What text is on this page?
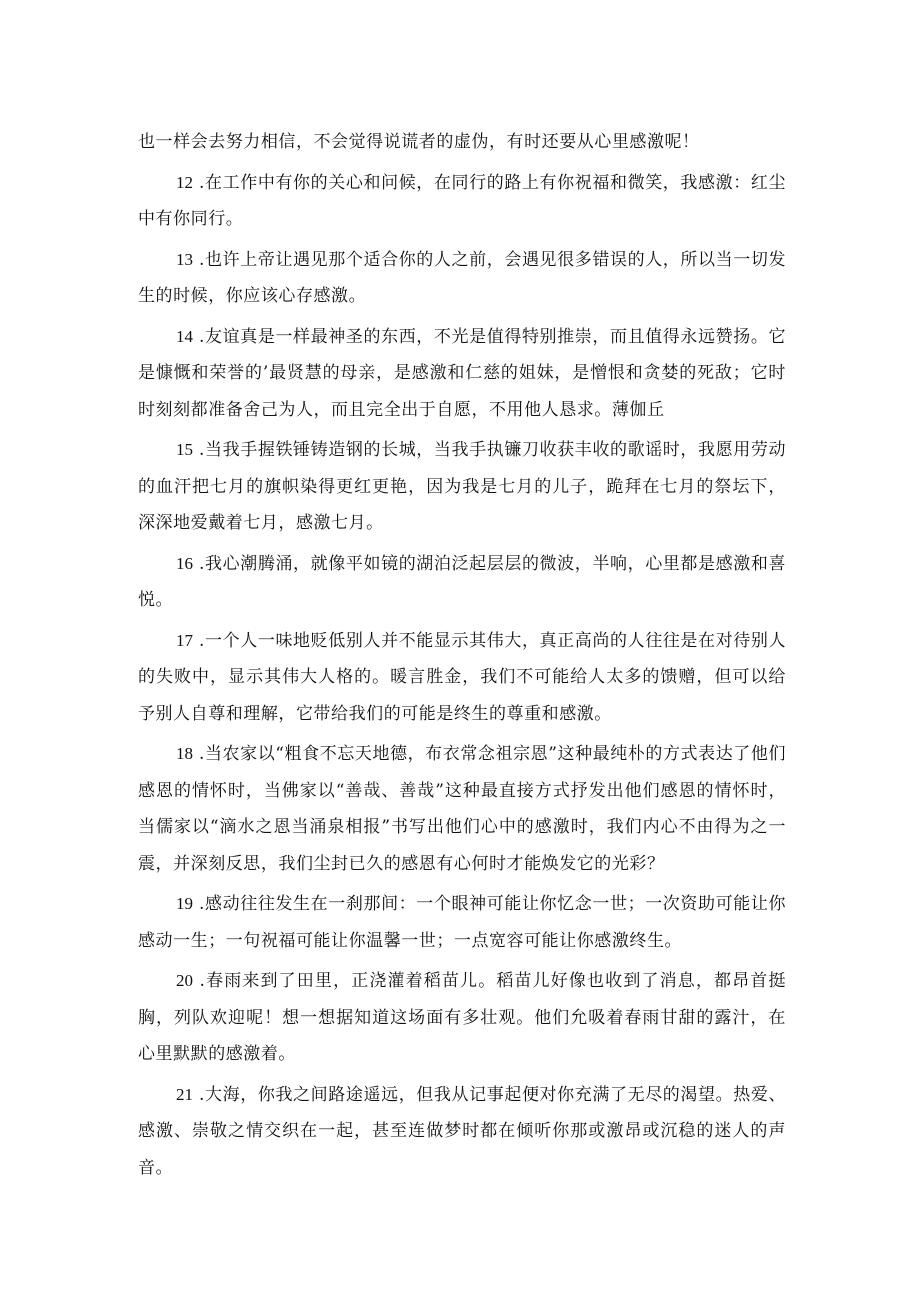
也一样会去努力相信，不会觉得说谎者的虚伪，有时还要从心里感激呢！

12 .在工作中有你的关心和问候，在同行的路上有你祝福和微笑，我感激：红尘中有你同行。

13 .也许上帝让遇见那个适合你的人之前，会遇见很多错误的人，所以当一切发生的时候，你应该心存感激。

14 .友谊真是一样最神圣的东西，不光是值得特别推崇，而且值得永远赞扬。它是慷慨和荣誉的’最贤慧的母亲，是感激和仁慈的姐妹，是憎恨和贪婪的死敌；它时时刻刻都准备舍己为人，而且完全出于自愿，不用他人恳求。薄伽丘

15 .当我手握铁锤铸造钢的长城，当我手执镰刀收获丰收的歌谣时，我愿用劳动的血汗把七月的旗帜染得更红更艳，因为我是七月的儿子，跪拜在七月的祭坛下，深深地爱戴着七月，感激七月。

16 .我心潮腾涌，就像平如镜的湖泊泛起层层的微波，半响，心里都是感激和喜悦。

17 .一个人一味地贬低别人并不能显示其伟大，真正高尚的人往往是在对待别人的失败中，显示其伟大人格的。暖言胜金，我们不可能给人太多的馈赠，但可以给予别人自尊和理解，它带给我们的可能是终生的尊重和感激。

18 .当农家以“粗食不忘天地德，布衣常念祖宗恩”这种最纯朴的方式表达了他们感恩的情怀时，当佛家以“善哉、善哉”这种最直接方式抒发出他们感恩的情怀时，当儒家以“滴水之恩当涌泉相报”书写出他们心中的感激时，我们内心不由得为之一震，并深刻反思，我们尘封已久的感恩有心何时才能焕发它的光彩？

19 .感动往往发生在一刹那间：一个眼神可能让你忆念一世；一次资助可能让你感动一生；一句祝福可能让你温馨一世；一点宽容可能让你感激终生。

20 .春雨来到了田里，正浇灌着稻苗儿。稻苗儿好像也收到了消息，都昂首挺胸，列队欢迎呢！想一想据知道这场面有多壮观。他们允吸着春雨甘甜的露汁，在心里默默的感激着。

21 .大海，你我之间路途遥远，但我从记事起便对你充满了无尽的渴望。热爱、感激、崇敬之情交织在一起，甚至连做梦时都在倾听你那或激昂或沉稳的迷人的声音。
